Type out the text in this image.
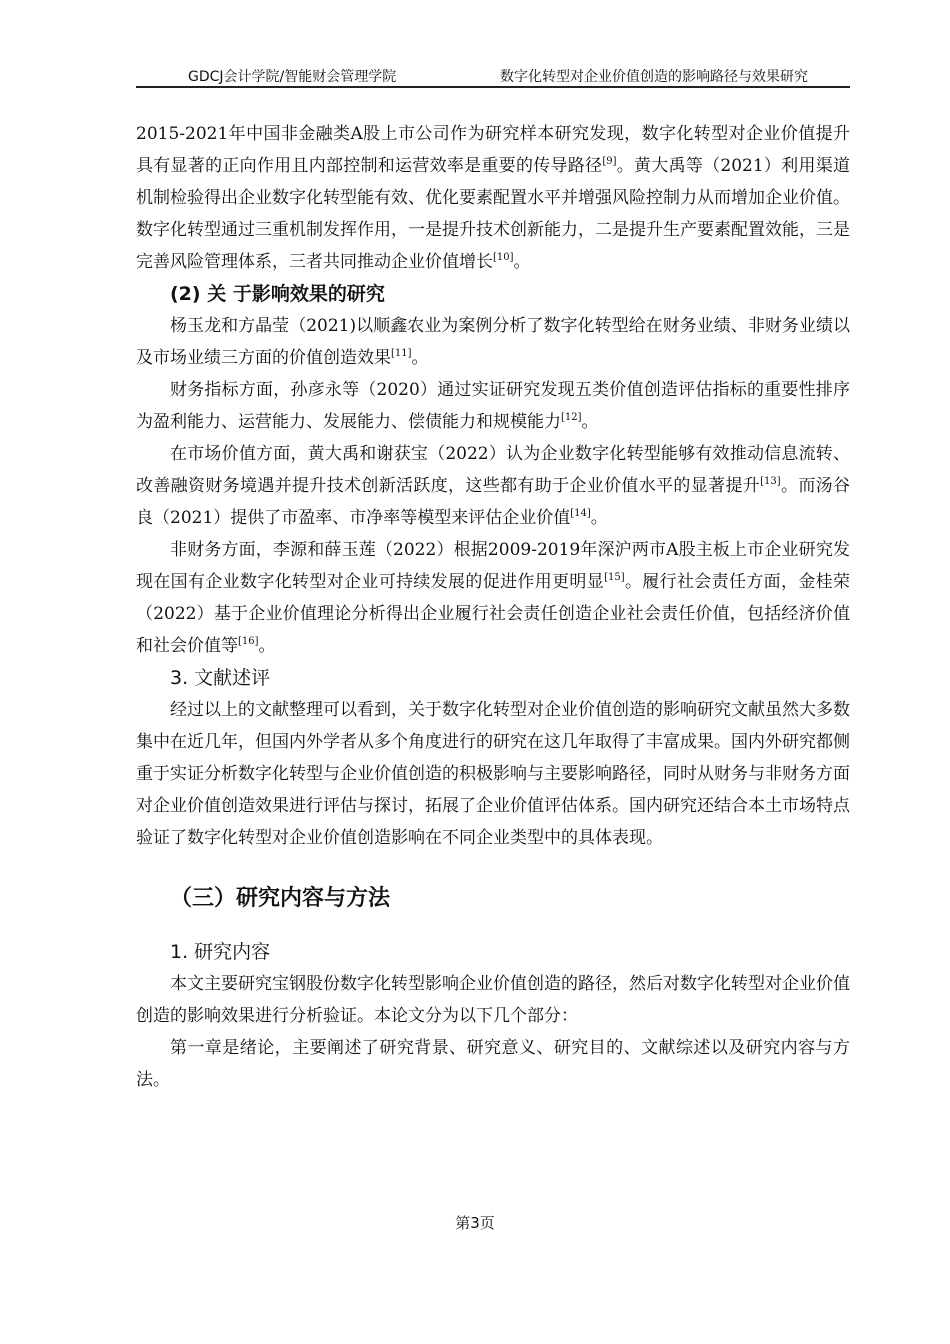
GDCJ会计学院/智能财会管理学院	数字化转型对企业价值创造的影响路径与效果研究

2015-2021年中国非金融类A股上市公司作为研究样本研究发现，数字化转型对企业价值提升具有显著的正向作用且内部控制和运营效率是重要的传导路径[9]。黄大禹等（2021）利用渠道机制检验得出企业数字化转型能有效、优化要素配置水平并增强风险控制力从而增加企业价值。数字化转型通过三重机制发挥作用，一是提升技术创新能力，二是提升生产要素配置效能，三是完善风险管理体系，三者共同推动企业价值增长[10]。

(2) 关 于影响效果的研究

杨玉龙和方晶莹（2021)以顺鑫农业为案例分析了数字化转型给在财务业绩、非财务业绩以及市场业绩三方面的价值创造效果[11]。

财务指标方面，孙彦永等（2020）通过实证研究发现五类价值创造评估指标的重要性排序为盈利能力、运营能力、发展能力、偿债能力和规模能力[12]。

在市场价值方面，黄大禹和谢获宝（2022）认为企业数字化转型能够有效推动信息流转、改善融资财务境遇并提升技术创新活跃度，这些都有助于企业价值水平的显著提升[13]。而汤谷良（2021）提供了市盈率、市净率等模型来评估企业价值[14]。

非财务方面，李源和薛玉莲（2022）根据2009-2019年深沪两市A股主板上市企业研究发现在国有企业数字化转型对企业可持续发展的促进作用更明显[15]。履行社会责任方面，金桂荣（2022）基于企业价值理论分析得出企业履行社会责任创造企业社会责任价值，包括经济价值和社会价值等[16]。

3. 文献述评

经过以上的文献整理可以看到，关于数字化转型对企业价值创造的影响研究文献虽然大多数集中在近几年，但国内外学者从多个角度进行的研究在这几年取得了丰富成果。国内外研究都侧重于实证分析数字化转型与企业价值创造的积极影响与主要影响路径，同时从财务与非财务方面对企业价值创造效果进行评估与探讨，拓展了企业价值评估体系。国内研究还结合本土市场特点验证了数字化转型对企业价值创造影响在不同企业类型中的具体表现。

（三）研究内容与方法
1. 研究内容

本文主要研究宝钢股份数字化转型影响企业价值创造的路径，然后对数字化转型对企业价值创造的影响效果进行分析验证。本论文分为以下几个部分：

第一章是绪论，主要阐述了研究背景、研究意义、研究目的、文献综述以及研究内容与方法。

第3页
